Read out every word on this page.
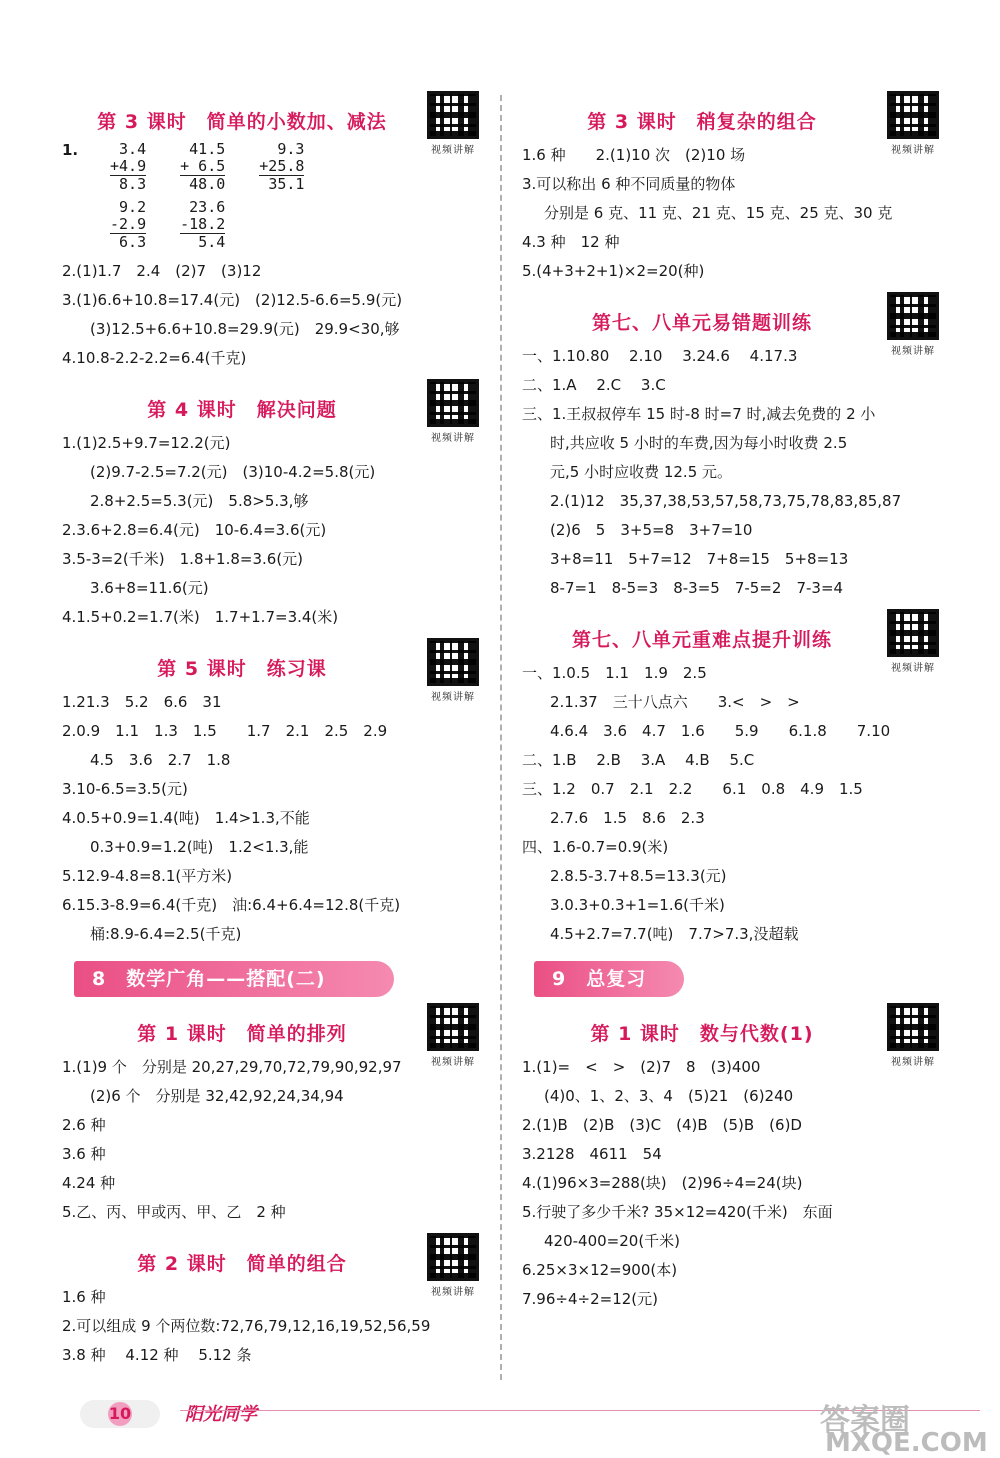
第 3 课时　简单的小数加、减法
视频讲解
1.	3.4
+4.9
8.3
41.5
+ 6.5
48.0
9.3
+25.8
35.1
9.2
-2.9
6.3
23.6
-18.2
5.4
2.(1)1.7　2.4　(2)7　(3)12
3.(1)6.6+10.8=17.4(元)　(2)12.5-6.6=5.9(元)
(3)12.5+6.6+10.8=29.9(元)　29.9<30,够
4.10.8-2.2-2.2=6.4(千克)
第 4 课时　解决问题
视频讲解
1.(1)2.5+9.7=12.2(元)
(2)9.7-2.5=7.2(元)　(3)10-4.2=5.8(元)
2.8+2.5=5.3(元)　5.8>5.3,够
2.3.6+2.8=6.4(元)　10-6.4=3.6(元)
3.5-3=2(千米)　1.8+1.8=3.6(元)
3.6+8=11.6(元)
4.1.5+0.2=1.7(米)　1.7+1.7=3.4(米)
第 5 课时　练习课
视频讲解
1.21.3　5.2　6.6　31
2.0.9　1.1　1.3　1.5　　1.7　2.1　2.5　2.9
4.5　3.6　2.7　1.8
3.10-6.5=3.5(元)
4.0.5+0.9=1.4(吨)　1.4>1.3,不能
0.3+0.9=1.2(吨)　1.2<1.3,能
5.12.9-4.8=8.1(平方米)
6.15.3-8.9=6.4(千克)　油:6.4+6.4=12.8(千克)
桶:8.9-6.4=2.5(千克)
8　数学广角——搭配(二)
第 1 课时　简单的排列
视频讲解
1.(1)9 个　分别是 20,27,29,70,72,79,90,92,97
(2)6 个　分别是 32,42,92,24,34,94
2.6 种
3.6 种
4.24 种
5.乙、丙、甲或丙、甲、乙　2 种
第 2 课时　简单的组合
视频讲解
1.6 种
2.可以组成 9 个两位数:72,76,79,12,16,19,52,56,59
3.8 种　 4.12 种　 5.12 条
第 3 课时　稍复杂的组合
视频讲解
1.6 种　　2.(1)10 次　(2)10 场
3.可以称出 6 种不同质量的物体
分别是 6 克、11 克、21 克、15 克、25 克、30 克
4.3 种　12 种
5.(4+3+2+1)×2=20(种)
第七、八单元易错题训练
视频讲解
一、1.10.80　 2.10　 3.24.6　 4.17.3
二、1.A　 2.C　 3.C
三、1.王叔叔停车 15 时-8 时=7 时,减去免费的 2 小
时,共应收 5 小时的车费,因为每小时收费 2.5
元,5 小时应收费 12.5 元。
2.(1)12　35,37,38,53,57,58,73,75,78,83,85,87
(2)6　5　3+5=8　3+7=10
3+8=11　5+7=12　7+8=15　5+8=13
8-7=1　8-5=3　8-3=5　7-5=2　7-3=4
第七、八单元重难点提升训练
视频讲解
一、1.0.5　1.1　1.9　2.5
2.1.37　三十八点六　　3.<　>　>
4.6.4　3.6　4.7　1.6　　5.9　　6.1.8　　7.10
二、1.B　 2.B　 3.A　 4.B　 5.C
三、1.2　0.7　2.1　2.2　　6.1　0.8　4.9　1.5
2.7.6　1.5　8.6　2.3
四、1.6-0.7=0.9(米)
2.8.5-3.7+8.5=13.3(元)
3.0.3+0.3+1=1.6(千米)
4.5+2.7=7.7(吨)　7.7>7.3,没超载
9　总复习
第 1 课时　数与代数(1)
视频讲解
1.(1)=　<　>　(2)7　8　(3)400
(4)0、1、2、3、4　(5)21　(6)240
2.(1)B　(2)B　(3)C　(4)B　(5)B　(6)D
3.2128　4611　54
4.(1)96×3=288(块)　(2)96÷4=24(块)
5.行驶了多少千米? 35×12=420(千米)　东面
420-400=20(千米)
6.25×3×12=900(本)
7.96÷4÷2=12(元)
10	阳光同学	答案圈
MXQE.COM
